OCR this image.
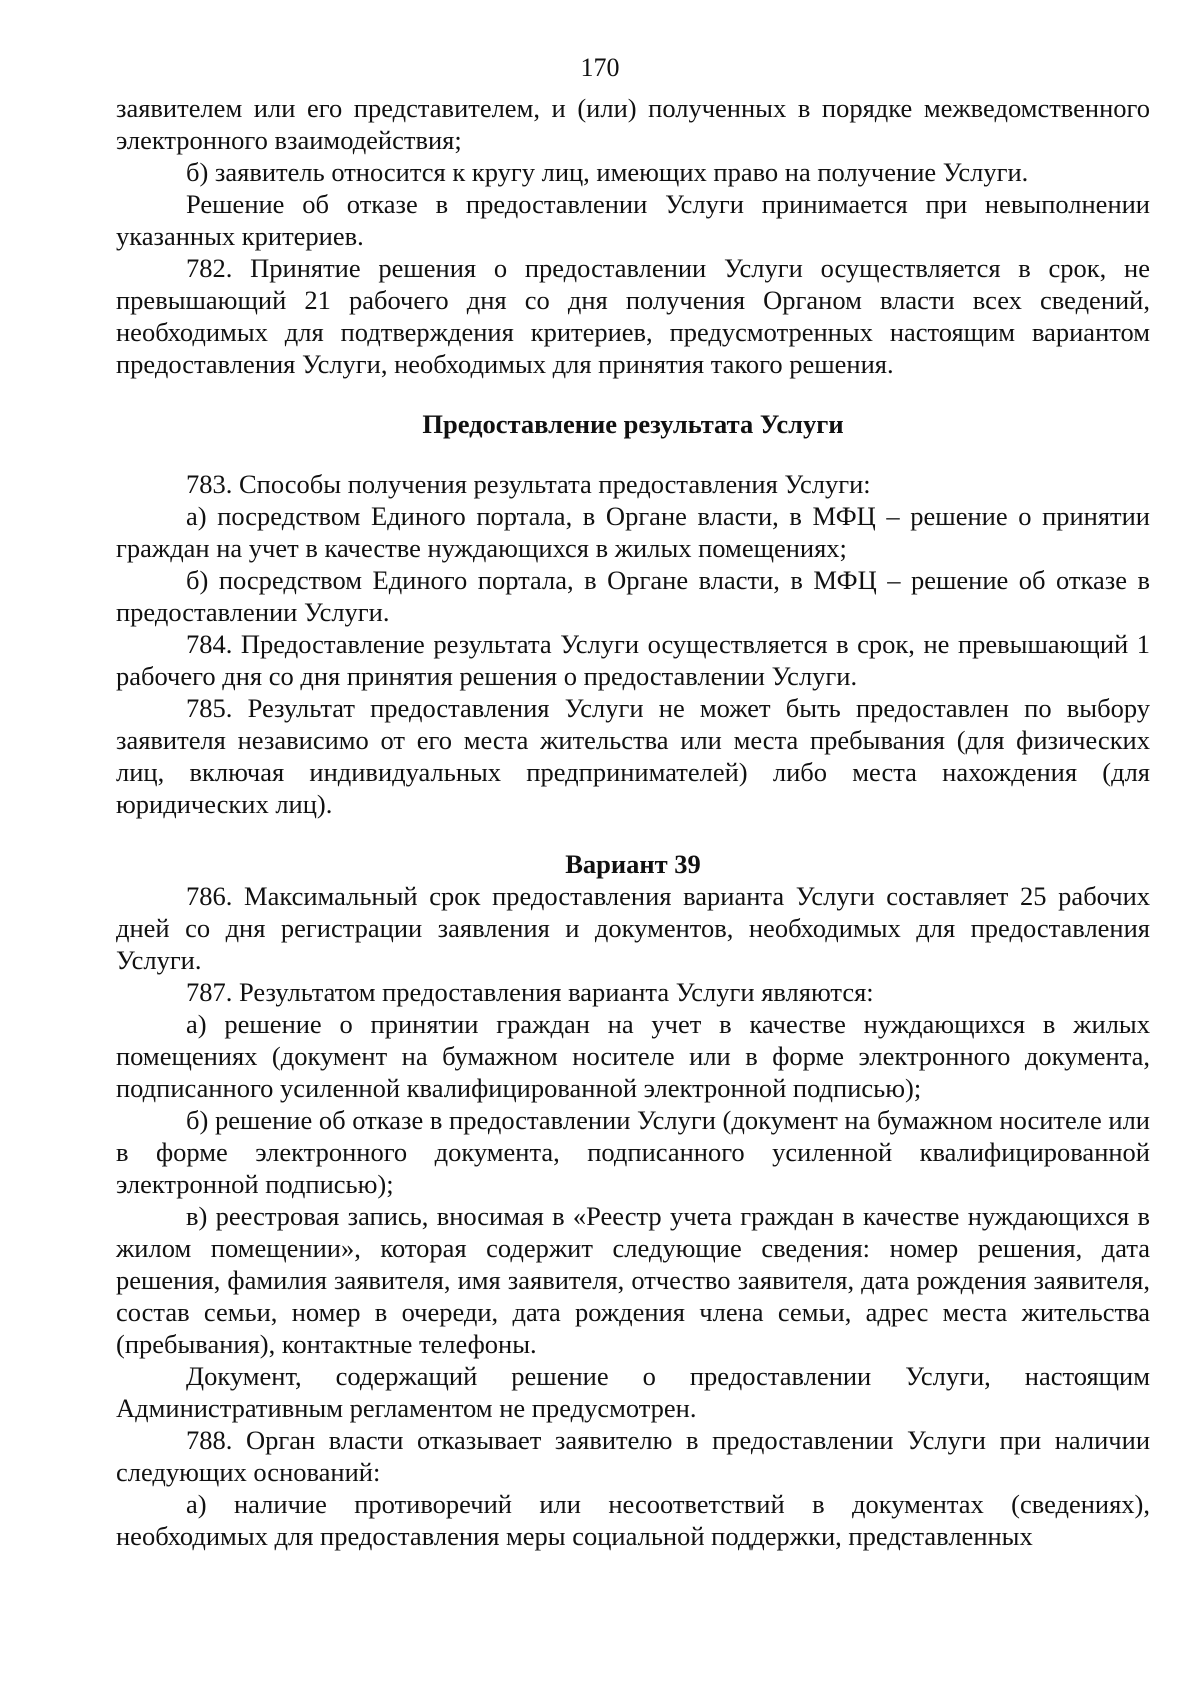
170

заявителем или его представителем, и (или) полученных в порядке межведомственного электронного взаимодействия;

б) заявитель относится к кругу лиц, имеющих право на получение Услуги.

Решение об отказе в предоставлении Услуги принимается при невыполнении указанных критериев.

782. Принятие решения о предоставлении Услуги осуществляется в срок, не превышающий 21 рабочего дня со дня получения Органом власти всех сведений, необходимых для подтверждения критериев, предусмотренных настоящим вариантом предоставления Услуги, необходимых для принятия такого решения.

Предоставление результата Услуги

783. Способы получения результата предоставления Услуги:

а) посредством Единого портала, в Органе власти, в МФЦ – решение о принятии граждан на учет в качестве нуждающихся в жилых помещениях;

б) посредством Единого портала, в Органе власти, в МФЦ – решение об отказе в предоставлении Услуги.

784. Предоставление результата Услуги осуществляется в срок, не превышающий 1 рабочего дня со дня принятия решения о предоставлении Услуги.

785. Результат предоставления Услуги не может быть предоставлен по выбору заявителя независимо от его места жительства или места пребывания (для физических лиц, включая индивидуальных предпринимателей) либо места нахождения (для юридических лиц).

Вариант 39

786. Максимальный срок предоставления варианта Услуги составляет 25 рабочих дней со дня регистрации заявления и документов, необходимых для предоставления Услуги.

787. Результатом предоставления варианта Услуги являются:

а) решение о принятии граждан на учет в качестве нуждающихся в жилых помещениях (документ на бумажном носителе или в форме электронного документа, подписанного усиленной квалифицированной электронной подписью);

б) решение об отказе в предоставлении Услуги (документ на бумажном носителе или в форме электронного документа, подписанного усиленной квалифицированной электронной подписью);

в) реестровая запись, вносимая в «Реестр учета граждан в качестве нуждающихся в жилом помещении», которая содержит следующие сведения: номер решения, дата решения, фамилия заявителя, имя заявителя, отчество заявителя, дата рождения заявителя, состав семьи, номер в очереди, дата рождения члена семьи, адрес места жительства (пребывания), контактные телефоны.

Документ, содержащий решение о предоставлении Услуги, настоящим Административным регламентом не предусмотрен.

788. Орган власти отказывает заявителю в предоставлении Услуги при наличии следующих оснований:

а) наличие противоречий или несоответствий в документах (сведениях), необходимых для предоставления меры социальной поддержки, представленных
